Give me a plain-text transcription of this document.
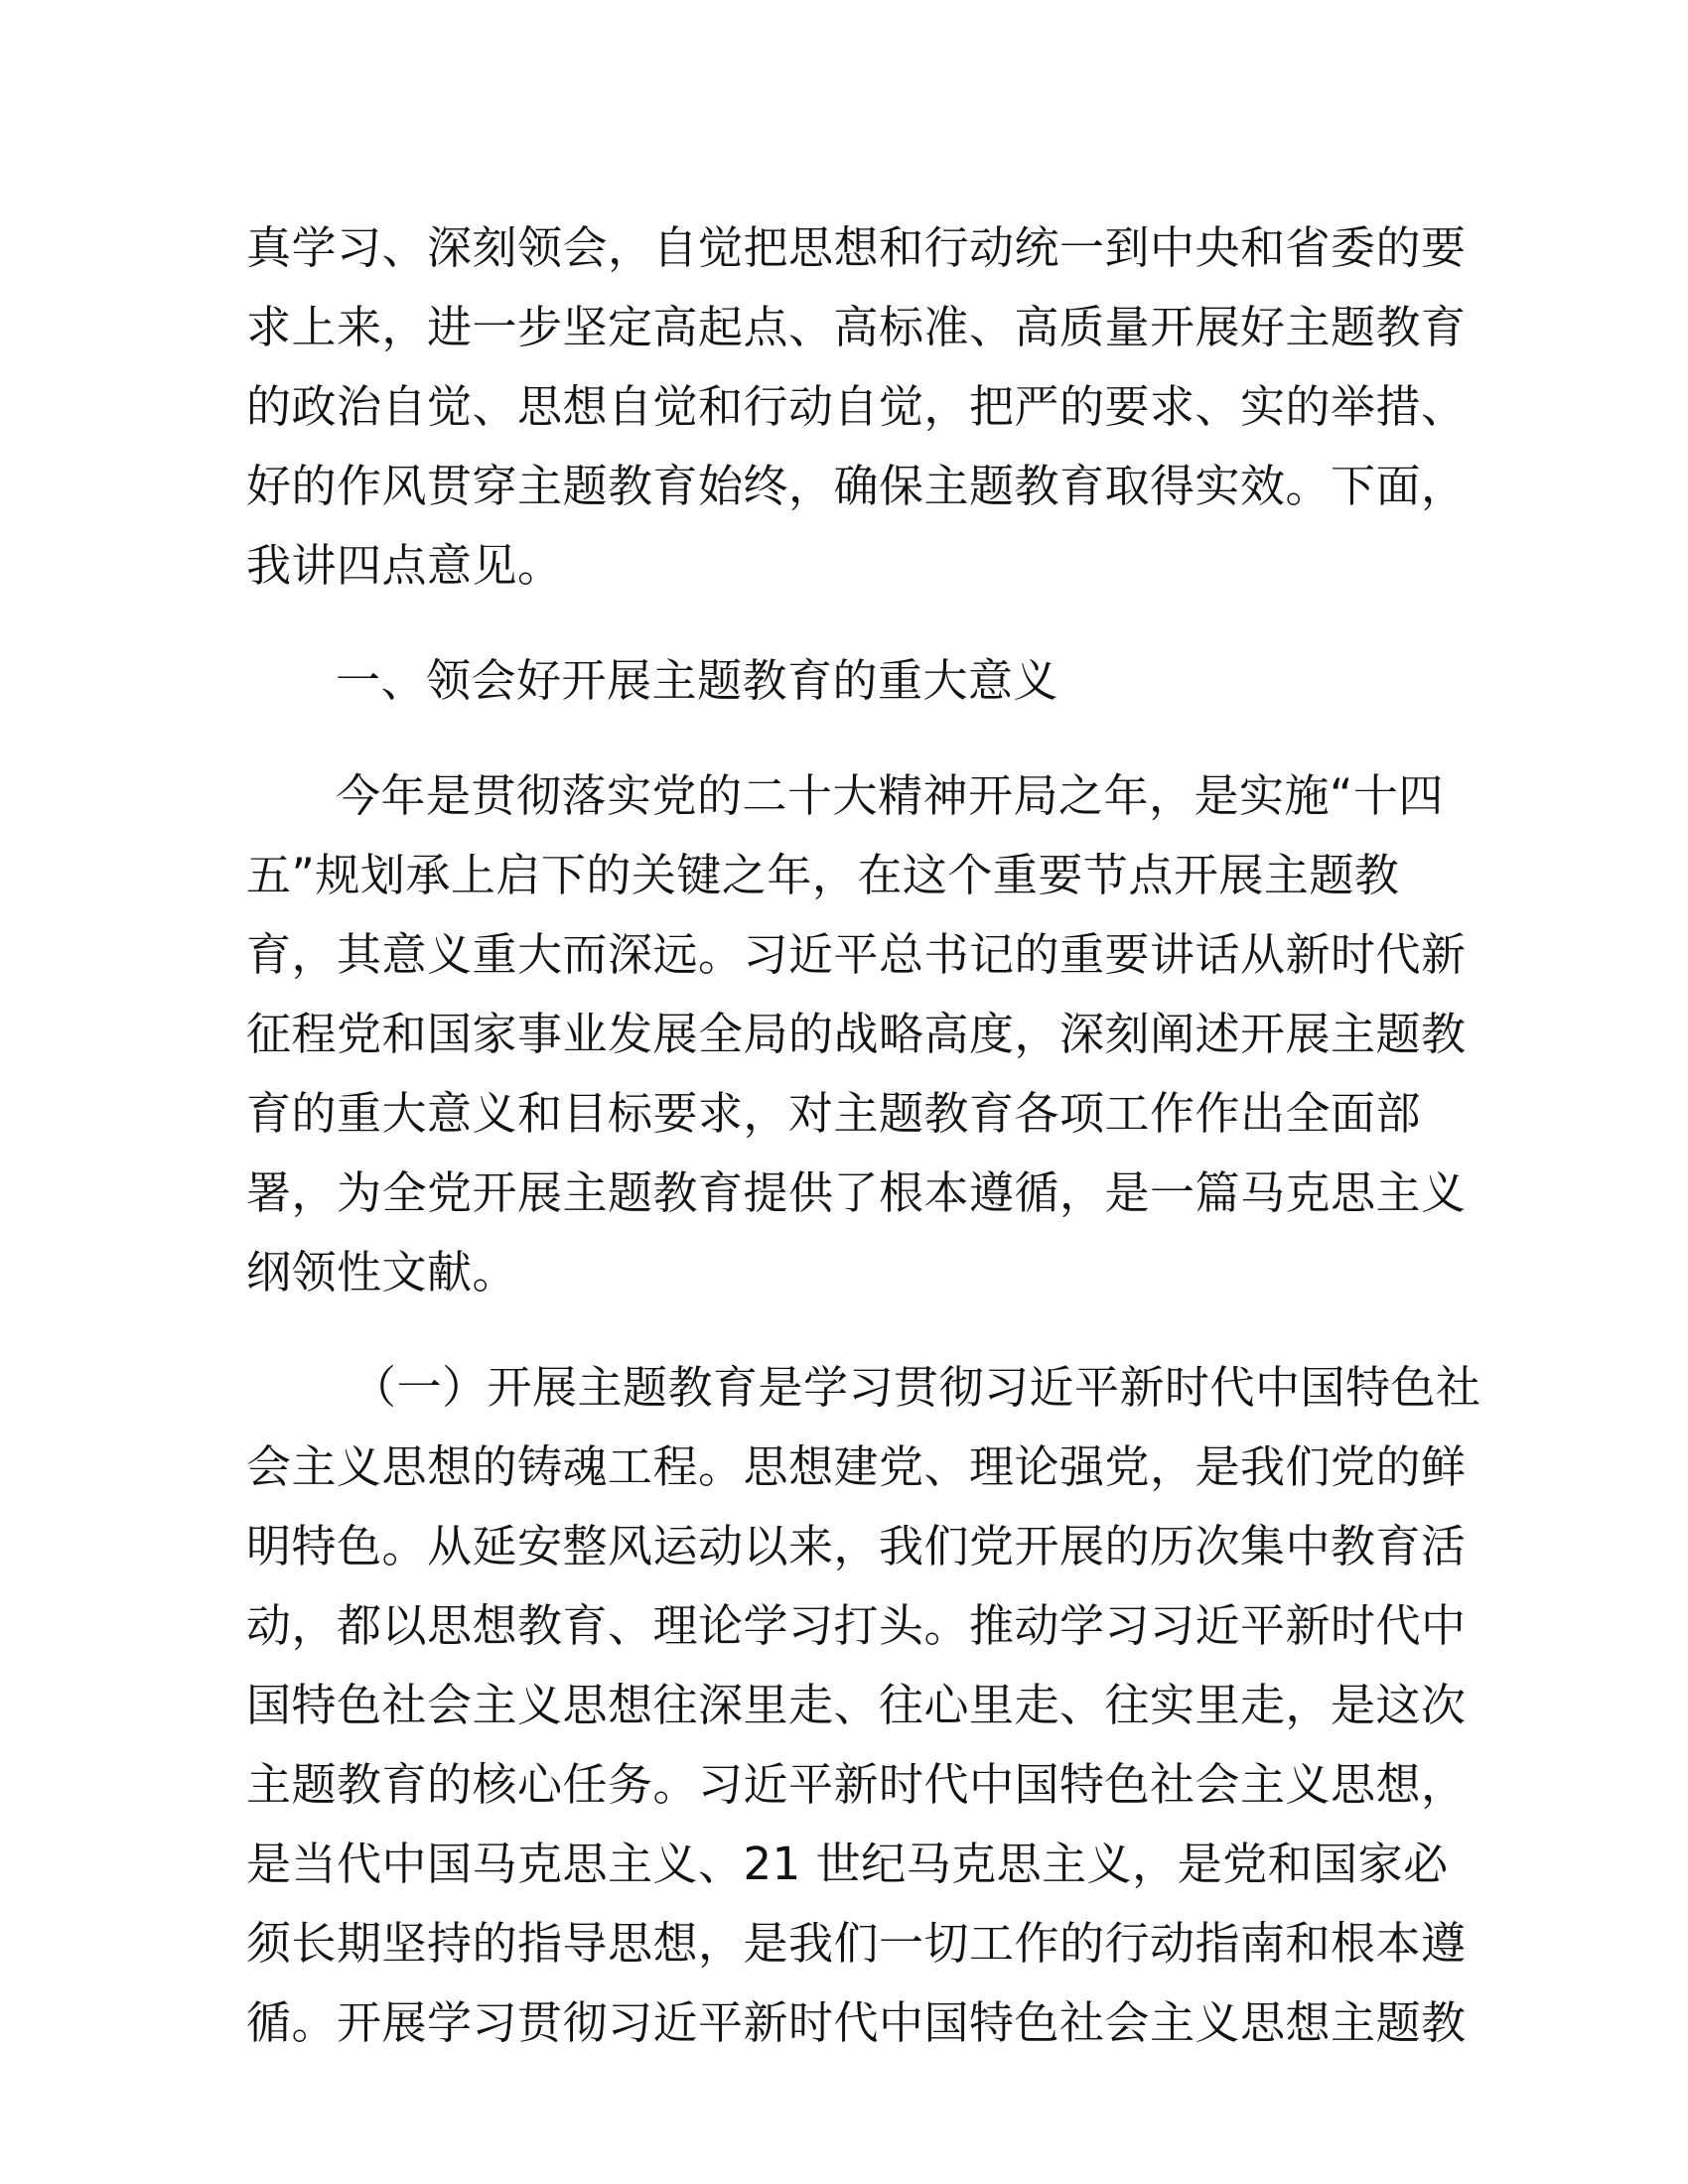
真学习、深刻领会，自觉把思想和行动统一到中央和省委的要
求上来，进一步坚定高起点、高标准、高质量开展好主题教育
的政治自觉、思想自觉和行动自觉，把严的要求、实的举措、
好的作风贯穿主题教育始终，确保主题教育取得实效。下面，
我讲四点意见。
一、领会好开展主题教育的重大意义
今年是贯彻落实党的二十大精神开局之年，是实施“十四
五”规划承上启下的关键之年，在这个重要节点开展主题教
育，其意义重大而深远。习近平总书记的重要讲话从新时代新
征程党和国家事业发展全局的战略高度，深刻阐述开展主题教
育的重大意义和目标要求，对主题教育各项工作作出全面部
署，为全党开展主题教育提供了根本遵循，是一篇马克思主义
纲领性文献。
（一）开展主题教育是学习贯彻习近平新时代中国特色社
会主义思想的铸魂工程。思想建党、理论强党，是我们党的鲜
明特色。从延安整风运动以来，我们党开展的历次集中教育活
动，都以思想教育、理论学习打头。推动学习习近平新时代中
国特色社会主义思想往深里走、往心里走、往实里走，是这次
主题教育的核心任务。习近平新时代中国特色社会主义思想，
是当代中国马克思主义、21 世纪马克思主义，是党和国家必
须长期坚持的指导思想，是我们一切工作的行动指南和根本遵
循。开展学习贯彻习近平新时代中国特色社会主义思想主题教
